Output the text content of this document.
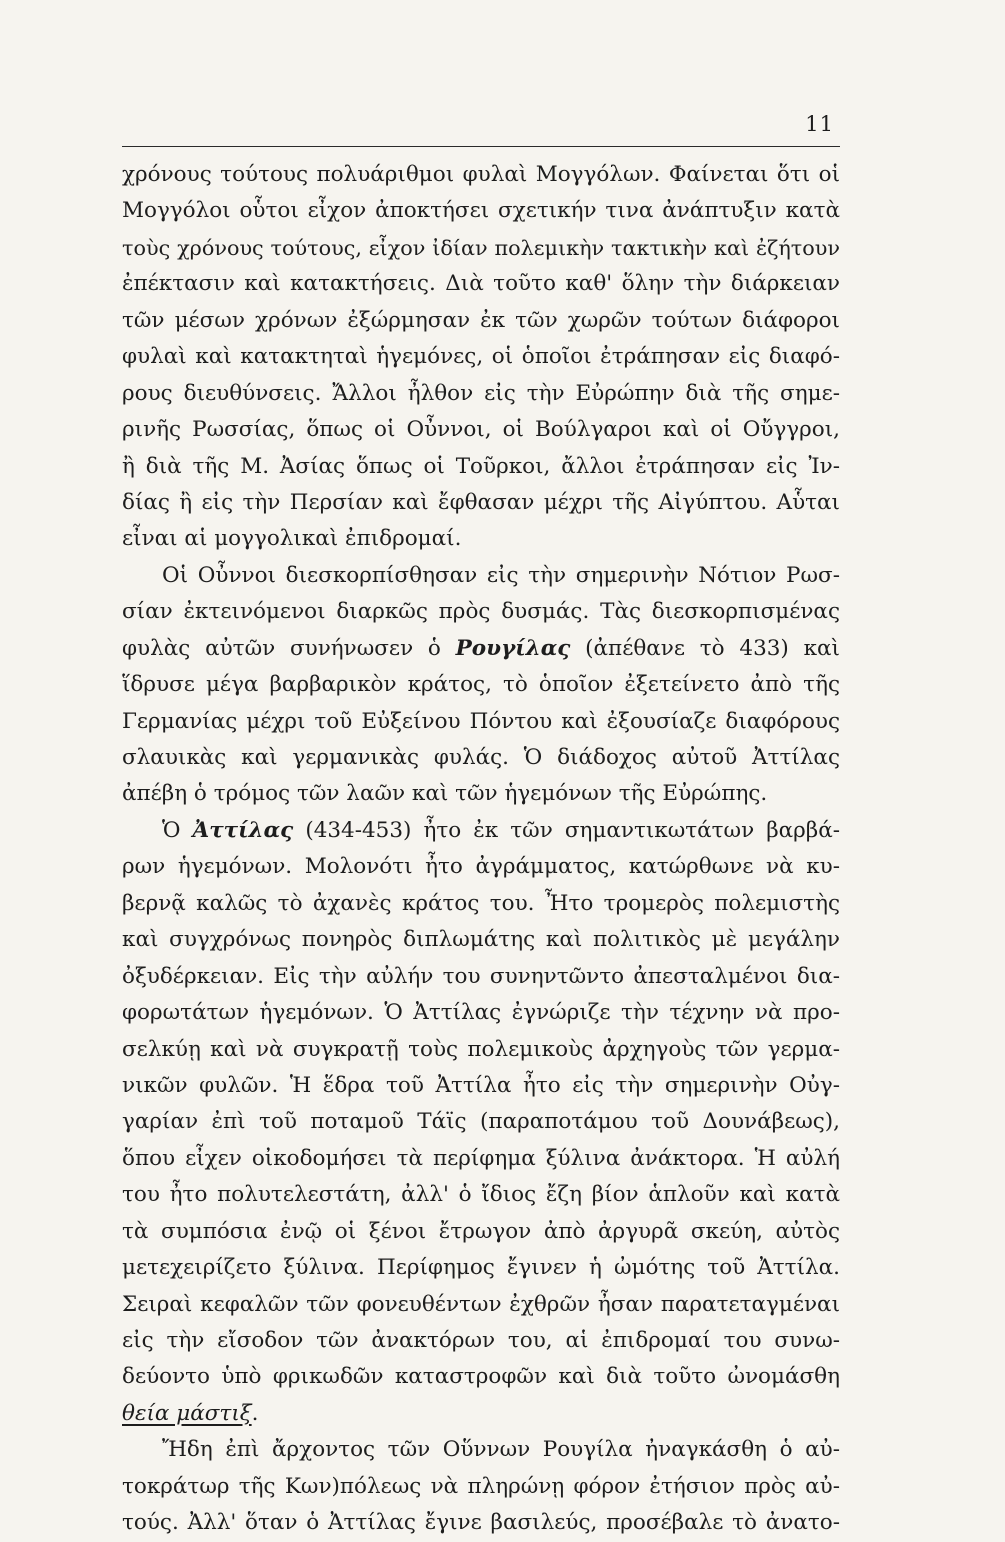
11
χρόνους τούτους πολυάριθμοι φυλαὶ Μογγόλων. Φαίνεται ὅτι οἱ
Μογγόλοι οὗτοι εἶχον ἀποκτήσει σχετικήν τινα ἀνάπτυξιν κατὰ
τοὺς χρόνους τούτους, εἶχον ἰδίαν πολεμικὴν τακτικὴν καὶ ἐζήτουν
ἐπέκτασιν καὶ κατακτήσεις. Διὰ τοῦτο καθ' ὅλην τὴν διάρκειαν
τῶν μέσων χρόνων ἐξώρμησαν ἐκ τῶν χωρῶν τούτων διάφοροι
φυλαὶ καὶ κατακτηταὶ ἡγεμόνες, οἱ ὁποῖοι ἐτράπησαν εἰς διαφό-
ρους διευθύνσεις. Ἄλλοι ἦλθον εἰς τὴν Εὐρώπην διὰ τῆς σημε-
ρινῆς Ρωσσίας, ὅπως οἱ Οὖννοι, οἱ Βούλγαροι καὶ οἱ Οὔγγροι,
ἢ διὰ τῆς Μ. Ἀσίας ὅπως οἱ Τοῦρκοι, ἄλλοι ἐτράπησαν εἰς Ἰν-
δίας ἢ εἰς τὴν Περσίαν καὶ ἔφθασαν μέχρι τῆς Αἰγύπτου. Αὗται
εἶναι αἱ μογγολικαὶ ἐπιδρομαί.
Οἱ Οὖννοι διεσκορπίσθησαν εἰς τὴν σημερινὴν Νότιον Ρωσ-
σίαν ἐκτεινόμενοι διαρκῶς πρὸς δυσμάς. Τὰς διεσκορπισμένας
φυλὰς αὐτῶν συνήνωσεν ὁ Ρουγίλας (ἀπέθανε τὸ 433) καὶ
ἵδρυσε μέγα βαρβαρικὸν κράτος, τὸ ὁποῖον ἐξετείνετο ἀπὸ τῆς
Γερμανίας μέχρι τοῦ Εὐξείνου Πόντου καὶ ἐξουσίαζε διαφόρους
σλαυικὰς καὶ γερμανικὰς φυλάς. Ὁ διάδοχος αὐτοῦ Ἀττίλας
ἀπέβη ὁ τρόμος τῶν λαῶν καὶ τῶν ἡγεμόνων τῆς Εὐρώπης.
Ὁ Ἀττίλας (434-453) ἦτο ἐκ τῶν σημαντικωτάτων βαρβά-
ρων ἡγεμόνων. Μολονότι ἦτο ἀγράμματος, κατώρθωνε νὰ κυ-
βερνᾷ καλῶς τὸ ἀχανὲς κράτος του. Ἦτο τρομερὸς πολεμιστὴς
καὶ συγχρόνως πονηρὸς διπλωμάτης καὶ πολιτικὸς μὲ μεγάλην
ὀξυδέρκειαν. Εἰς τὴν αὐλήν του συνηντῶντο ἀπεσταλμένοι δια-
φορωτάτων ἡγεμόνων. Ὁ Ἀττίλας ἐγνώριζε τὴν τέχνην νὰ προ-
σελκύῃ καὶ νὰ συγκρατῇ τοὺς πολεμικοὺς ἀρχηγοὺς τῶν γερμα-
νικῶν φυλῶν. Ἡ ἕδρα τοῦ Ἀττίλα ἦτο εἰς τὴν σημερινὴν Οὐγ-
γαρίαν ἐπὶ τοῦ ποταμοῦ Τάϊς (παραποτάμου τοῦ Δουνάβεως),
ὅπου εἶχεν οἰκοδομήσει τὰ περίφημα ξύλινα ἀνάκτορα. Ἡ αὐλή
του ἦτο πολυτελεστάτη, ἀλλ' ὁ ἴδιος ἔζη βίον ἁπλοῦν καὶ κατὰ
τὰ συμπόσια ἐνῷ οἱ ξένοι ἔτρωγον ἀπὸ ἀργυρᾶ σκεύη, αὐτὸς
μετεχειρίζετο ξύλινα. Περίφημος ἔγινεν ἡ ὠμότης τοῦ Ἀττίλα.
Σειραὶ κεφαλῶν τῶν φονευθέντων ἐχθρῶν ἦσαν παρατεταγμέναι
εἰς τὴν εἴσοδον τῶν ἀνακτόρων του, αἱ ἐπιδρομαί του συνω-
δεύοντο ὑπὸ φρικωδῶν καταστροφῶν καὶ διὰ τοῦτο ὠνομάσθη
θεία μάστιξ.
Ἤδη ἐπὶ ἄρχοντος τῶν Οὕννων Ρουγίλα ἠναγκάσθη ὁ αὐ-
τοκράτωρ τῆς Κων)πόλεως νὰ πληρώνῃ φόρον ἐτήσιον πρὸς αὐ-
τούς. Ἀλλ' ὅταν ὁ Ἀττίλας ἔγινε βασιλεύς, προσέβαλε τὸ ἀνατο-
